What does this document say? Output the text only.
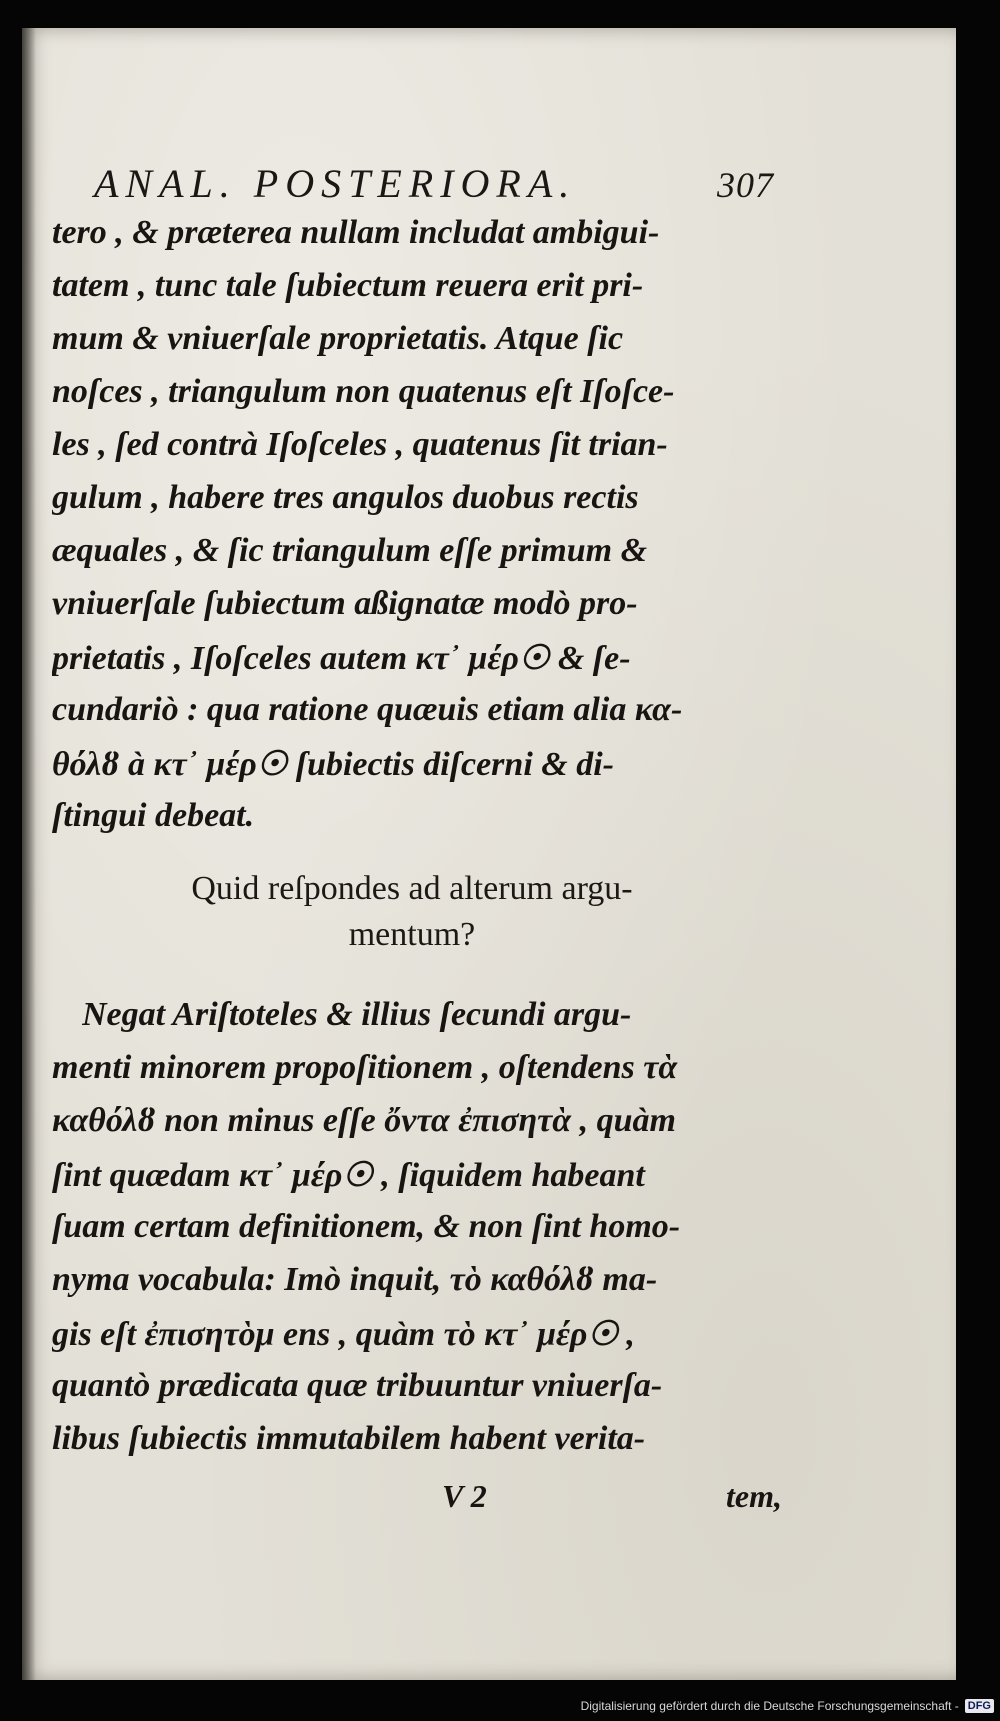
ANAL. POSTERIORA.	307
tero , & præterea nullam includat ambigui-
tatem , tunc tale ſubiectum reuera erit pri-
mum & vniuerſale proprietatis. Atque ſic
noſces , triangulum non quatenus eſt Iſoſce-
les , ſed contrà Iſoſceles , quatenus ſit trian-
gulum , habere tres angulos duobus rectis
æquales , & ſic triangulum eſſe primum &
vniuerſale ſubiectum aßignatæ modò pro-
prietatis , Iſoſceles autem κτ᾽ μέρ☉ & ſe-
cundariò : qua ratione quæuis etiam alia κα-
θόλȣ à κτ᾽ μέρ☉ ſubiectis diſcerni & di-
ſtingui debeat.
Quid reſpondes ad alterum argu-
mentum?
Negat Ariſtoteles & illius ſecundi argu-
menti minorem propoſitionem , oſtendens τὰ
καθόλȣ non minus eſſe ὄντα ἐπισητὰ , quàm
ſint quædam κτ᾽ μέρ☉ , ſiquidem habeant
ſuam certam definitionem, & non ſint homo-
nyma vocabula: Imò inquit, τὸ καθόλȣ ma-
gis eſt ἐπισητὸμ ens , quàm τὸ κτ᾽ μέρ☉ ,
quantò prædicata quæ tribuuntur vniuerſa-
libus ſubiectis immutabilem habent verita-
V 2	tem,
Digitalisierung gefördert durch die Deutsche Forschungsgemeinschaft - DFG
